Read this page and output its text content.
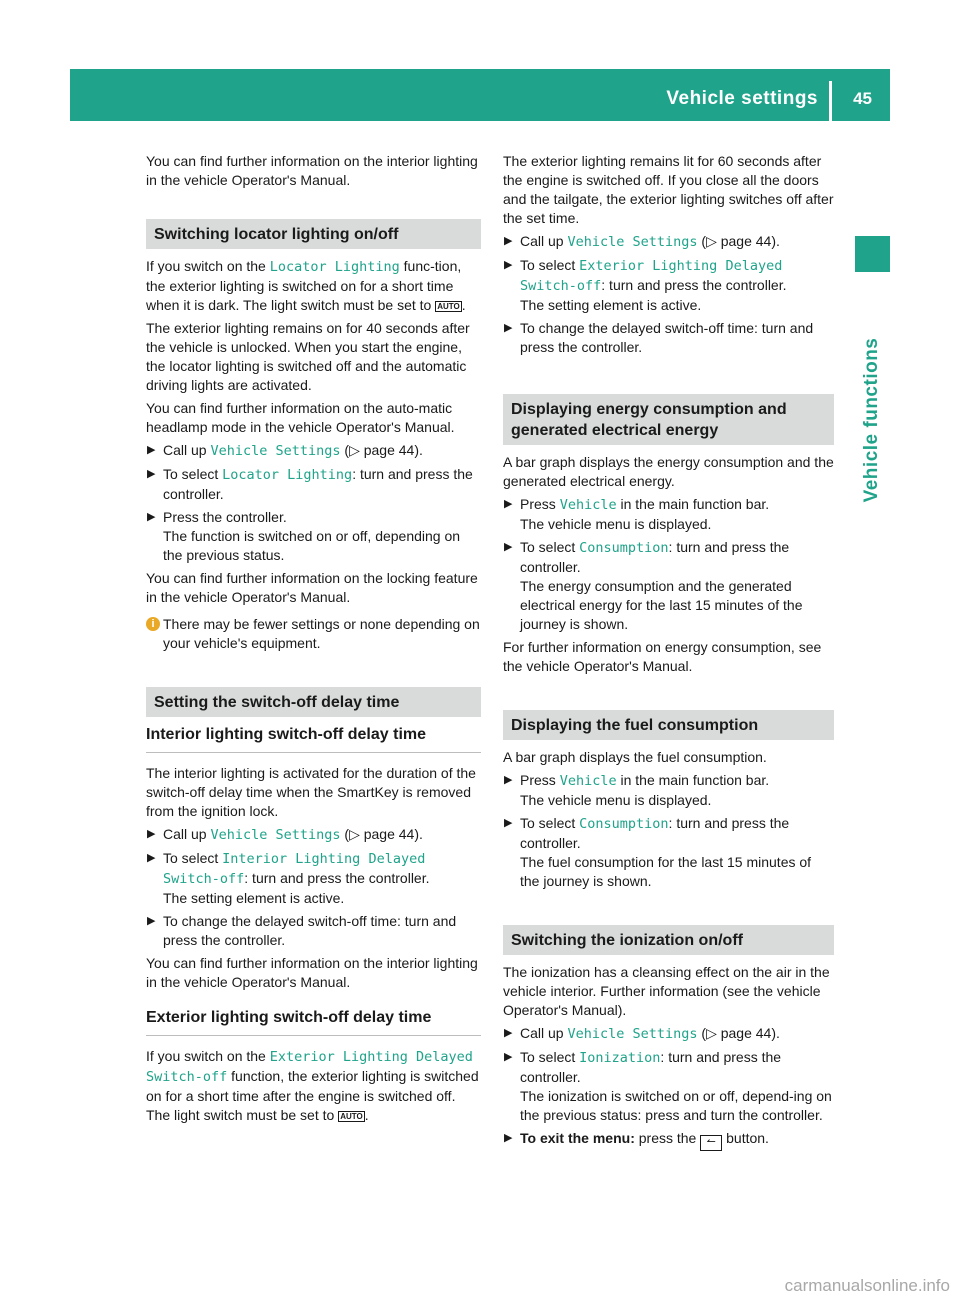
Vehicle settings 45
Vehicle functions

You can find further information on the interior lighting in the vehicle Operator's Manual.

Switching locator lighting on/off

If you switch on the Locator Lighting func-tion, the exterior lighting is switched on for a short time when it is dark. The light switch must be set to AUTO .

The exterior lighting remains on for 40 seconds after the vehicle is unlocked. When you start the engine, the locator lighting is switched off and the automatic driving lights are activated.

You can find further information on the auto-matic headlamp mode in the vehicle Operator's Manual.

▶ Call up Vehicle Settings (▷ page 44).
▶ To select Locator Lighting: turn and press the controller.
▶ Press the controller.
The function is switched on or off, depending on the previous status.

You can find further information on the locking feature in the vehicle Operator's Manual.

i There may be fewer settings or none depending on your vehicle's equipment.
Setting the switch-off delay time
Interior lighting switch-off delay time

The interior lighting is activated for the duration of the switch-off delay time when the SmartKey is removed from the ignition lock.

▶ Call up Vehicle Settings (▷ page 44).
▶ To select Interior Lighting Delayed Switch-off: turn and press the controller.
The setting element is active.
▶ To change the delayed switch-off time: turn and press the controller.

You can find further information on the interior lighting in the vehicle Operator's Manual.

Exterior lighting switch-off delay time

If you switch on the Exterior Lighting Delayed Switch-off function, the exterior lighting is switched on for a short time after the engine is switched off. The light switch must be set to AUTO .

The exterior lighting remains lit for 60 seconds after the engine is switched off. If you close all the doors and the tailgate, the exterior lighting switches off after the set time.

▶ Call up Vehicle Settings (▷ page 44).
▶ To select Exterior Lighting Delayed Switch-off: turn and press the controller.
The setting element is active.
▶ To change the delayed switch-off time: turn and press the controller.
Displaying energy consumption and generated electrical energy

A bar graph displays the energy consumption and the generated electrical energy.

▶ Press Vehicle in the main function bar.
The vehicle menu is displayed.
▶ To select Consumption: turn and press the controller.
The energy consumption and the generated electrical energy for the last 15 minutes of the journey is shown.

For further information on energy consumption, see the vehicle Operator's Manual.

Displaying the fuel consumption

A bar graph displays the fuel consumption.

▶ Press Vehicle in the main function bar.
The vehicle menu is displayed.
▶ To select Consumption: turn and press the controller.
The fuel consumption for the last 15 minutes of the journey is shown.
Switching the ionization on/off

The ionization has a cleansing effect on the air in the vehicle interior. Further information (see the vehicle Operator's Manual).

▶ Call up Vehicle Settings (▷ page 44).
▶ To select Ionization: turn and press the controller.
The ionization is switched on or off, depend-ing on the previous status: press and turn the controller.
▶ To exit the menu: press the ↼ button.
carmanualsonline.info
